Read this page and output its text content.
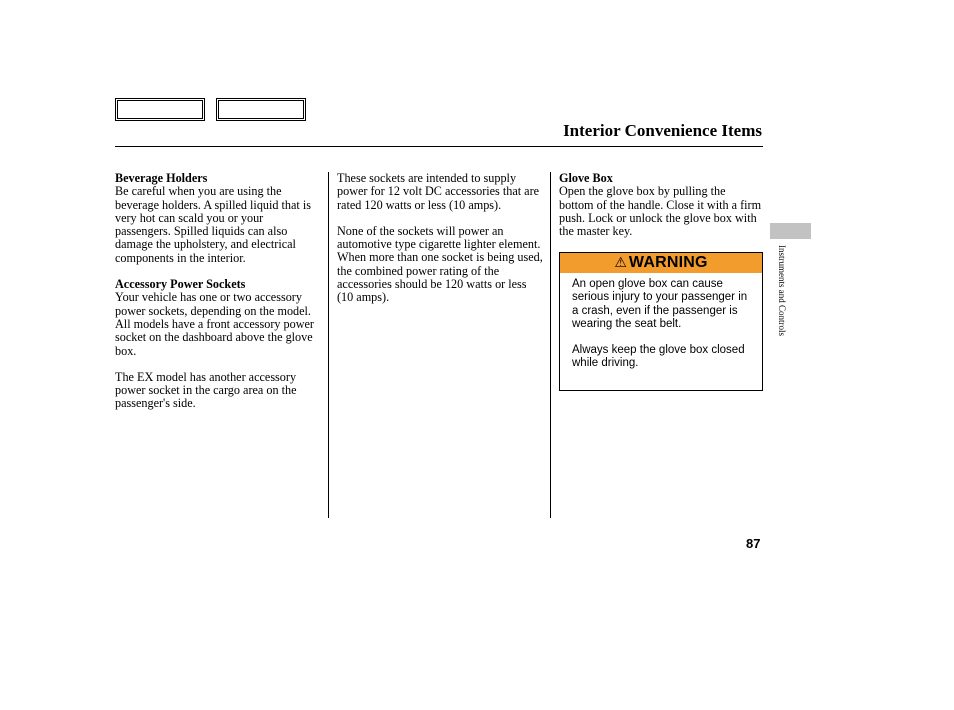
Interior Convenience Items

Beverage Holders

Be careful when you are using the beverage holders. A spilled liquid that is very hot can scald you or your passengers. Spilled liquids can also damage the upholstery, and electrical components in the interior.

Accessory Power Sockets

Your vehicle has one or two accessory power sockets, depending on the model. All models have a front accessory power socket on the dashboard above the glove box.

The EX model has another accessory power socket in the cargo area on the passenger's side.

These sockets are intended to supply power for 12 volt DC accessories that are rated 120 watts or less (10 amps).

None of the sockets will power an automotive type cigarette lighter element. When more than one socket is being used, the combined power rating of the accessories should be 120 watts or less (10 amps).

Glove Box

Open the glove box by pulling the bottom of the handle. Close it with a firm push. Lock or unlock the glove box with the master key.

⚠ WARNING

An open glove box can cause serious injury to your passenger in a crash, even if the passenger is wearing the seat belt.

Always keep the glove box closed while driving.

Instruments and Controls
87
